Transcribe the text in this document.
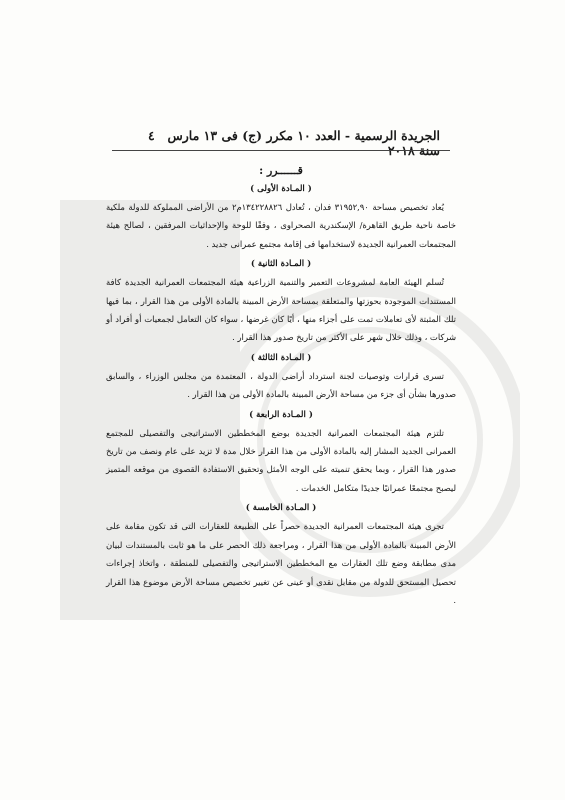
الجريدة الرسمية - العدد ١٠ مكرر (ج) فى ١٣ مارس سنة ٢٠١٨
٤

قــــــرر :

( المـادة الأولى )

يُعاد تخصيص مساحة ٣١٩٥٢,٩٠ فدان ، تُعادل ١٣٤٢٢٨٨٢٦م٢ من الأراضى المملوكة للدولة ملكية خاصة ناحية طريق القاهرة/ الإسكندرية الصحراوى ، وفقًا للوحة والإحداثيات المرفقين ، لصالح هيئة المجتمعات العمرانية الجديدة لاستخدامها فى إقامة مجتمع عمرانى جديد .

( المـادة الثانية )

تُسلم الهيئة العامة لمشروعات التعمير والتنمية الزراعية هيئة المجتمعات العمرانية الجديدة كافة المستندات الموجودة بحوزتها والمتعلقة بمساحة الأرض المبينة بالمادة الأولى من هذا القرار ، بما فيها تلك المثبتة لأى تعاملات تمت على أجزاء منها ، أيًا كان غرضها ، سواء كان التعامل لجمعيات أو أفراد أو شركات ، وذلك خلال شهر على الأكثر من تاريخ صدور هذا القرار .

( المـادة الثالثة )

تسرى قرارات وتوصيات لجنة استرداد أراضى الدولة ، المعتمدة من مجلس الوزراء ، والسابق صدورها بشأن أى جزء من مساحة الأرض المبينة بالمادة الأولى من هذا القرار .

( المـادة الرابعة )

تلتزم هيئة المجتمعات العمرانية الجديدة بوضع المخططين الاستراتيجى والتفصيلى للمجتمع العمرانى الجديد المشار إليه بالمادة الأولى من هذا القرار خلال مدة لا تزيد على عام ونصف من تاريخ صدور هذا القرار ، وبما يحقق تنميته على الوجه الأمثل وتحقيق الاستفادة القصوى من موقعه المتميز ليصبح مجتمعًا عمرانيًا جديدًا متكامل الخدمات .

( المـادة الخامسة )

تجرى هيئة المجتمعات العمرانية الجديدة حصراً على الطبيعة للعقارات التى قد تكون مقامة على الأرض المبينة بالمادة الأولى من هذا القرار ، ومراجعة ذلك الحصر على ما هو ثابت بالمستندات لبيان مدى مطابقة وضع تلك العقارات مع المخططين الاستراتيجى والتفصيلى للمنطقة ، واتخاذ إجراءات تحصيل المستحق للدولة من مقابل نقدى أو عينى عن تغيير تخصيص مساحة الأرض موضوع هذا القرار .
